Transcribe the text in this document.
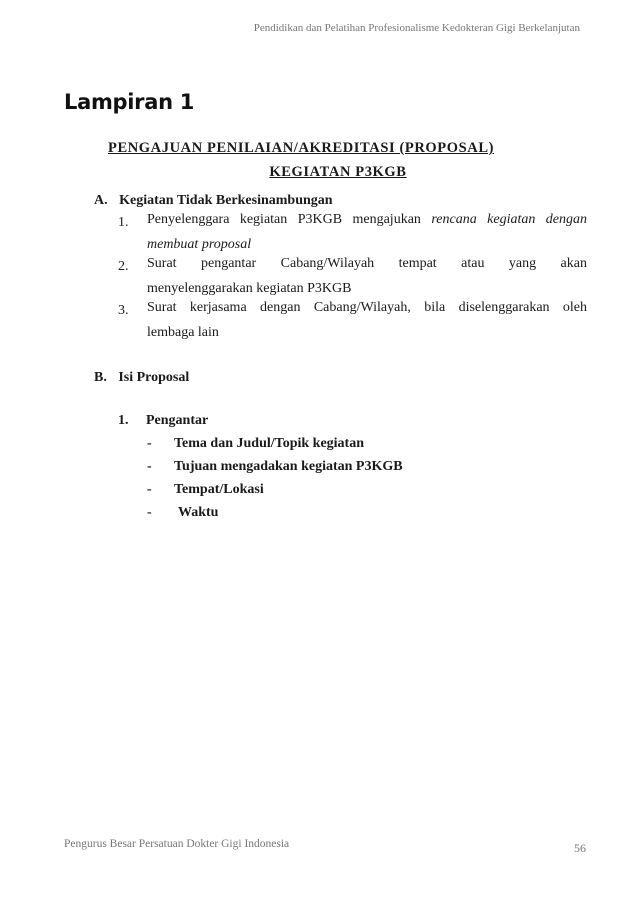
Pendidikan dan Pelatihan Profesionalisme Kedokteran Gigi Berkelanjutan
Lampiran 1
PENGAJUAN PENILAIAN/AKREDITASI (PROPOSAL)
KEGIATAN P3KGB
A. Kegiatan Tidak Berkesinambungan
1. Penyelenggara kegiatan P3KGB mengajukan rencana kegiatan dengan
membuat proposal
2. Surat pengantar Cabang/Wilayah tempat atau yang akan
menyelenggarakan kegiatan P3KGB
3. Surat kerjasama dengan Cabang/Wilayah, bila diselenggarakan oleh
lembaga lain
B. Isi Proposal
1. Pengantar
- Tema dan Judul/Topik kegiatan
- Tujuan mengadakan kegiatan P3KGB
- Tempat/Lokasi
- Waktu
Pengurus Besar Persatuan Dokter Gigi Indonesia	56
